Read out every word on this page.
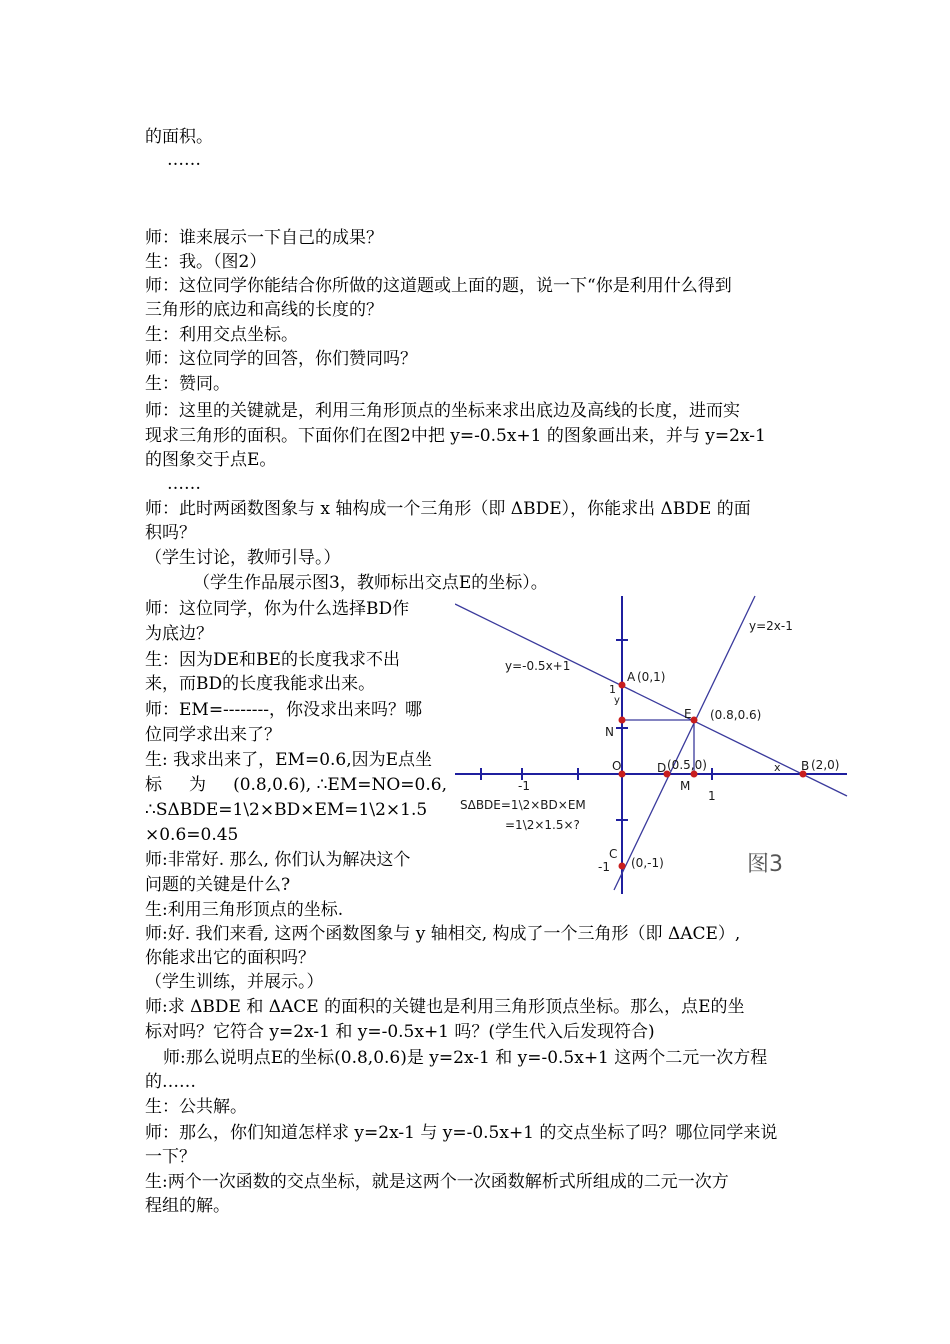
的面积。
……
师：谁来展示一下自己的成果？
生：我。（图2）
师：这位同学你能结合你所做的这道题或上面的题，说一下“你是利用什么得到
三角形的底边和高线的长度的？
生：利用交点坐标。
师：这位同学的回答，你们赞同吗？
生：赞同。
师：这里的关键就是，利用三角形顶点的坐标来求出底边及高线的长度，进而实
现求三角形的面积。下面你们在图2中把 y=-0.5x+1 的图象画出来，并与 y=2x-1
的图象交于点E。
……
师：此时两函数图象与 x 轴构成一个三角形（即 ΔBDE），你能求出 ΔBDE 的面
积吗？
（学生讨论，教师引导。）
（学生作品展示图3，教师标出交点E的坐标）。
师：这位同学，你为什么选择BD作
为底边？
生：因为DE和BE的长度我求不出
来，而BD的长度我能求出来。
师：EM=--------，你没求出来吗？哪
位同学求出来了？
生: 我求出来了，EM=0.6,因为E点坐
标 为 (0.8,0.6), ∴EM=NO=0.6,
∴SΔBDE=1\2×BD×EM=1\2×1.5
×0.6=0.45
师:非常好. 那么, 你们认为解决这个
问题的关键是什么?
生:利用三角形顶点的坐标.
师:好. 我们来看, 这两个函数图象与 y 轴相交, 构成了一个三角形（即 ΔACE）,
你能求出它的面积吗？
（学生训练，并展示。）
师:求 ΔBDE 和 ΔACE 的面积的关键也是利用三角形顶点坐标。那么，点E的坐
标对吗？它符合 y=2x-1 和 y=-0.5x+1 吗？(学生代入后发现符合)
师:那么说明点E的坐标(0.8,0.6)是 y=2x-1 和 y=-0.5x+1 这两个二元一次方程
的……
生：公共解。
师：那么，你们知道怎样求 y=2x-1 与 y=-0.5x+1 的交点坐标了吗？哪位同学来说
一下？
生:两个一次函数的交点坐标，就是这两个一次函数解析式所组成的二元一次方
程组的解。
y=2x-1
y=-0.5x+1
A (0,1)
1
y
E (0.8,0.6)
N
O	D (0.5,0)
M
-1
1
x B (2,0)
SΔBDE=1\2×BD×EM
=1\2×1.5×?
C
-1 (0,-1)	图3
